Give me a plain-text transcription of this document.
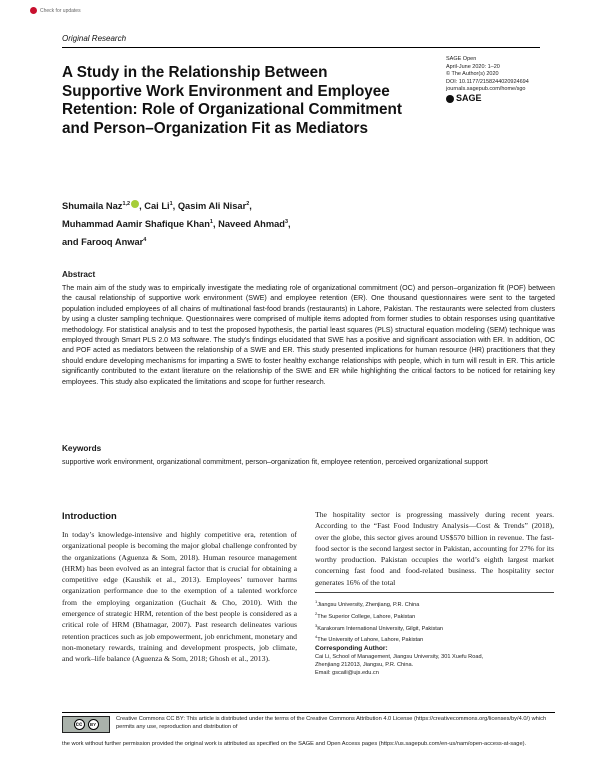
Check for updates
Original Research
A Study in the Relationship Between Supportive Work Environment and Employee Retention: Role of Organizational Commitment and Person–Organization Fit as Mediators
SAGE Open
April-June 2020: 1–20
© The Author(s) 2020
DOI: 10.1177/2158244020924694
journals.sagepub.com/home/sgo
SAGE
Shumaila Naz$^{1,2}$ , Cai Li$^1$, Qasim Ali Nisar$^2$,
Muhammad Aamir Shafique Khan$^1$, Naveed Ahmad$^3$,
and Farooq Anwar$^4$
Abstract
The main aim of the study was to empirically investigate the mediating role of organizational commitment (OC) and person–organization fit (POF) between the causal relationship of supportive work environment (SWE) and employee retention (ER). One thousand questionnaires were sent to the targeted population included employees of all chains of multinational fast-food brands (restaurants) in Lahore, Pakistan. The restaurants were selected from clusters by using a cluster sampling technique. Questionnaires were comprised of multiple items adopted from former studies to obtain responses using quantitative methodology. For statistical analysis and to test the proposed hypothesis, the partial least squares (PLS) structural equation modeling (SEM) technique was employed through Smart PLS 2.0 M3 software. The study’s findings elucidated that SWE has a positive and significant association with ER. In addition, OC and POF acted as mediators between the relationship of a SWE and ER. This study presented implications for human resource (HR) practitioners that they should endure developing mechanisms for imparting a SWE to foster healthy exchange relationships with people, which in turn will result in ER. This article significantly contributed to the extant literature on the relationship of the SWE and ER while highlighting the critical factors to be noticed for retaining key employees. This study also explicated the limitations and scope for further research.
Keywords
supportive work environment, organizational commitment, person–organization fit, employee retention, perceived organizational support
Introduction
In today’s knowledge-intensive and highly competitive era, retention of organizational people is becoming the major global challenge confronted by the organizations (Aguenza & Som, 2018). Human resource management (HRM) has been evolved as an integral factor that is crucial for obtaining a competitive edge (Kaushik et al., 2013). Employees’ turnover harms organization performance due to the exemption of a talented workforce from the employing organization (Guchait & Cho, 2010). With the emergence of strategic HRM, retention of the best people is considered as a critical role of HRM (Bhatnagar, 2007). Past research delineates various retention practices such as job empowerment, job enrichment, monetary and non-monetary rewards, training and development prospects, job climate, and work–life balance (Aguenza & Som, 2018; Ghosh et al., 2013).
The hospitality sector is progressing massively during recent years. According to the “Fast Food Industry Analysis—Cost & Trends” (2018), over the globe, this sector gives around US$570 billion in revenue. The fast-food sector is the second largest sector in Pakistan, accounting for 27% for its worthy production. Pakistan occupies the world’s eighth largest market concerning fast food and food-related business. The hospitality sector generates 16% of the total
$^1$Jiangsu University, Zhenjiang, P.R. China
$^2$The Superior College, Lahore, Pakistan
$^3$Karakoram International University, Gilgit, Pakistan
$^4$The University of Lahore, Lahore, Pakistan
Corresponding Author:
Cai Li, School of Management, Jiangsu University, 301 Xuefu Road,
Zhenjiang 212013, Jiangsu, P.R. China.
Email: gscaili@ujs.edu.cn
cc	BY
Creative Commons CC BY: This article is distributed under the terms of the Creative Commons Attribution 4.0 License (https://creativecommons.org/licenses/by/4.0/) which permits any use, reproduction and distribution of
the work without further permission provided the original work is attributed as specified on the SAGE and Open Access pages (https://us.sagepub.com/en-us/nam/open-access-at-sage).
